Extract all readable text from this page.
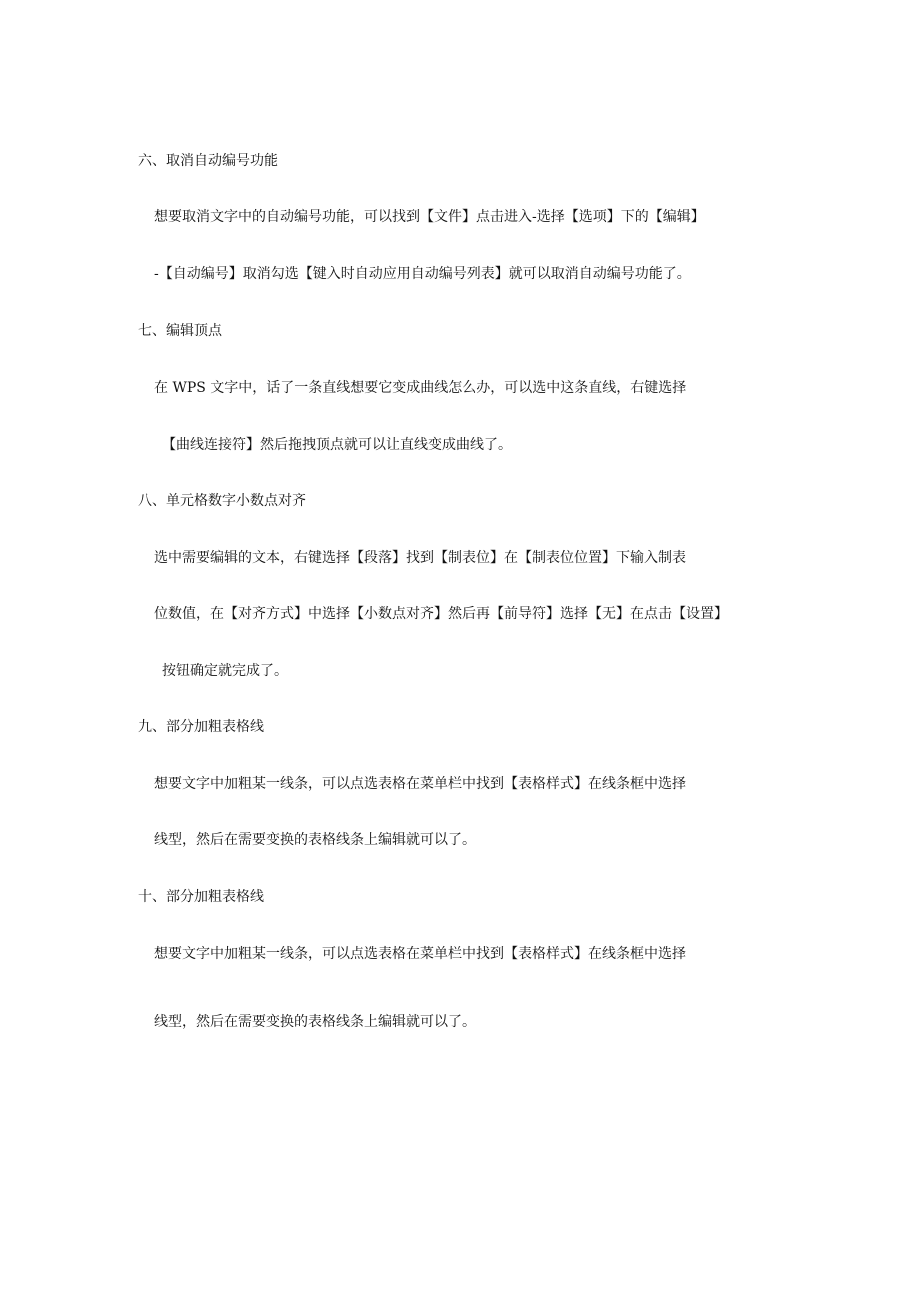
六、取消自动编号功能
想要取消文字中的自动编号功能，可以找到【文件】点击进入-选择【选项】下的【编辑】
-【自动编号】取消勾选【键入时自动应用自动编号列表】就可以取消自动编号功能了。
七、编辑顶点
在 WPS 文字中，话了一条直线想要它变成曲线怎么办，可以选中这条直线，右键选择
【曲线连接符】然后拖拽顶点就可以让直线变成曲线了。
八、单元格数字小数点对齐
选中需要编辑的文本，右键选择【段落】找到【制表位】在【制表位位置】下输入制表
位数值，在【对齐方式】中选择【小数点对齐】然后再【前导符】选择【无】在点击【设置】
按钮确定就完成了。
九、部分加粗表格线
想要文字中加粗某一线条，可以点选表格在菜单栏中找到【表格样式】在线条框中选择
线型，然后在需要变换的表格线条上编辑就可以了。
十、部分加粗表格线
想要文字中加粗某一线条，可以点选表格在菜单栏中找到【表格样式】在线条框中选择
线型，然后在需要变换的表格线条上编辑就可以了。
